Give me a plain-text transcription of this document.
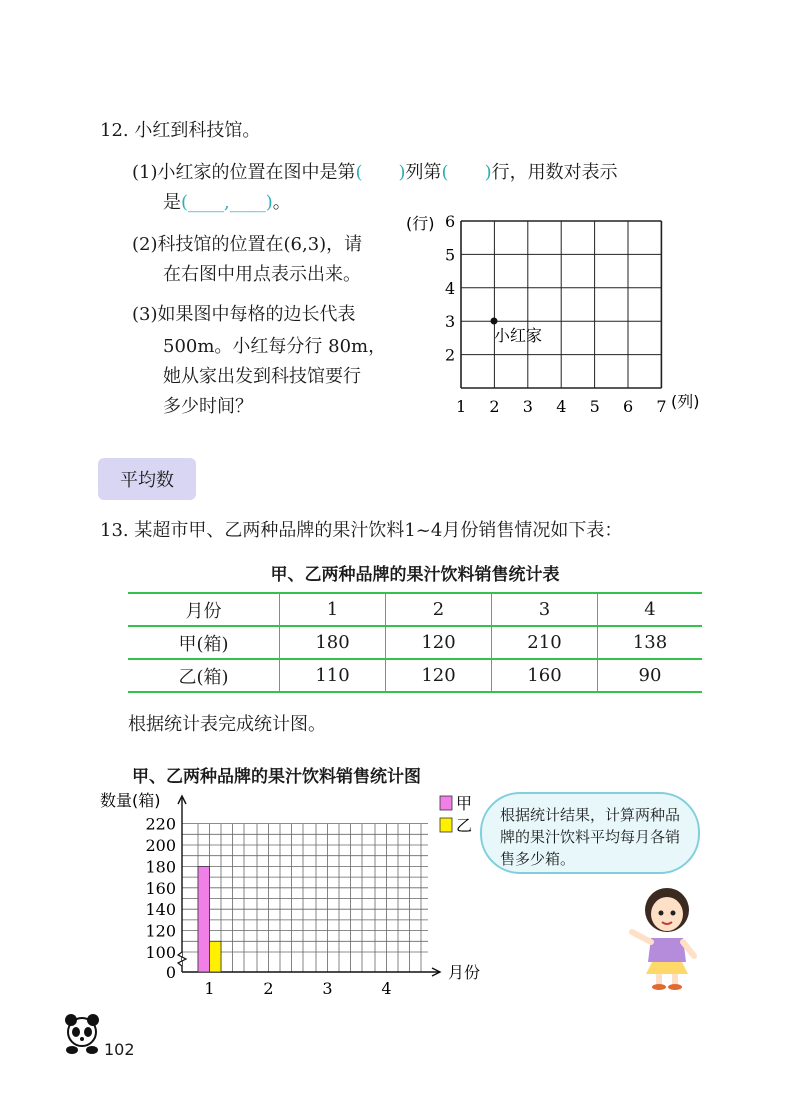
12. 小红到科技馆。
(1)小红家的位置在图中是第(　　)列第(　　)行，用数对表示
是(____,____)。
(2)科技馆的位置在(6,3)，请
在右图中用点表示出来。
(3)如果图中每格的边长代表
500m。小红每分行 80m，
她从家出发到科技馆要行
多少时间？	1 2 3 4 5 6 7
2
3
4
5
6
(行)
(列)
小红家
平均数
13. 某超市甲、乙两种品牌的果汁饮料1~4月份销售情况如下表：
甲、乙两种品牌的果汁饮料销售统计表
月份	1	2	3	4
甲(箱)	180	120	210	138
乙(箱)	110	120	160	90
根据统计表完成统计图。
甲、乙两种品牌的果汁饮料销售统计图
0
100
120
140
160
180
200
220
1	2	3	4
数量(箱)
月份
甲
乙
根据统计结果，计算两种品牌的果汁饮料平均每月各销售多少箱。
102
